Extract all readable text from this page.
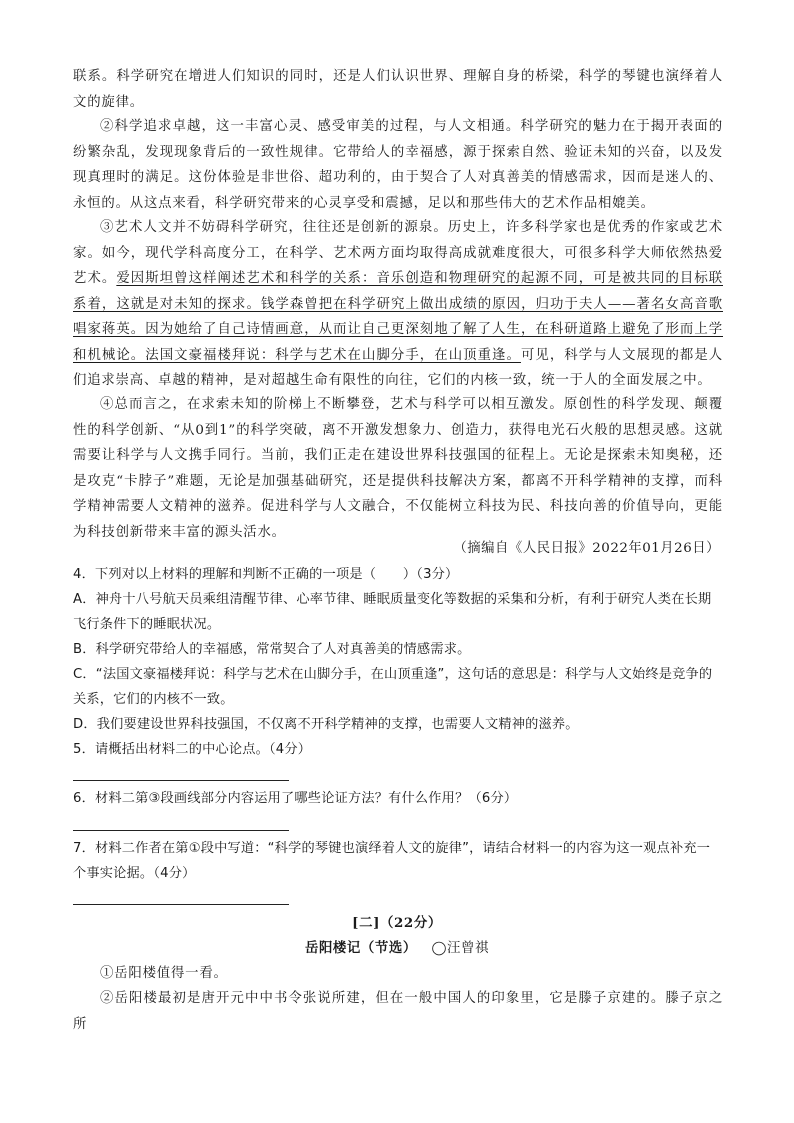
联系。科学研究在增进人们知识的同时，还是人们认识世界、理解自身的桥梁，科学的琴键也演绎着人文的旋律。
②科学追求卓越，这一丰富心灵、感受审美的过程，与人文相通。科学研究的魅力在于揭开表面的纷繁杂乱，发现现象背后的一致性规律。它带给人的幸福感，源于探索自然、验证未知的兴奋，以及发现真理时的满足。这份体验是非世俗、超功利的，由于契合了人对真善美的情感需求，因而是迷人的、永恒的。从这点来看，科学研究带来的心灵享受和震撼，足以和那些伟大的艺术作品相媲美。
③艺术人文并不妨碍科学研究，往往还是创新的源泉。历史上，许多科学家也是优秀的作家或艺术家。如今，现代学科高度分工，在科学、艺术两方面均取得高成就难度很大，可很多科学大师依然热爱艺术。爱因斯坦曾这样阐述艺术和科学的关系：音乐创造和物理研究的起源不同，可是被共同的目标联系着，这就是对未知的探求。钱学森曾把在科学研究上做出成绩的原因，归功于夫人——著名女高音歌唱家蒋英。因为她给了自己诗情画意，从而让自己更深刻地了解了人生，在科研道路上避免了形而上学和机械论。法国文豪福楼拜说：科学与艺术在山脚分手，在山顶重逢。可见，科学与人文展现的都是人们追求崇高、卓越的精神，是对超越生命有限性的向往，它们的内核一致，统一于人的全面发展之中。
④总而言之，在求索未知的阶梯上不断攀登，艺术与科学可以相互激发。原创性的科学发现、颠覆性的科学创新、“从0到1”的科学突破，离不开激发想象力、创造力，获得电光石火般的思想灵感。这就需要让科学与人文携手同行。当前，我们正走在建设世界科技强国的征程上。无论是探索未知奥秘，还是攻克“卡脖子”难题，无论是加强基础研究，还是提供科技解决方案，都离不开科学精神的支撑，而科学精神需要人文精神的滋养。促进科学与人文融合，不仅能树立科技为民、科技向善的价值导向，更能为科技创新带来丰富的源头活水。
（摘编自《人民日报》2022年01月26日）
4．下列对以上材料的理解和判断不正确的一项是（　　）（3分）
A．神舟十八号航天员乘组清醒节律、心率节律、睡眠质量变化等数据的采集和分析，有利于研究人类在长期飞行条件下的睡眠状况。
B．科学研究带给人的幸福感，常常契合了人对真善美的情感需求。
C．“法国文豪福楼拜说：科学与艺术在山脚分手，在山顶重逢”，这句话的意思是：科学与人文始终是竞争的关系，它们的内核不一致。
D．我们要建设世界科技强国，不仅离不开科学精神的支撑，也需要人文精神的滋养。
5．请概括出材料二的中心论点。（4分）
6．材料二第③段画线部分内容运用了哪些论证方法？有什么作用？（6分）
7．材料二作者在第①段中写道：“科学的琴键也演绎着人文的旋律”，请结合材料一的内容为这一观点补充一个事实论据。（4分）
[二]（22分）
岳阳楼记（节选） ◯汪曾祺
①岳阳楼值得一看。
②岳阳楼最初是唐开元中中书令张说所建，但在一般中国人的印象里，它是滕子京建的。滕子京之所
